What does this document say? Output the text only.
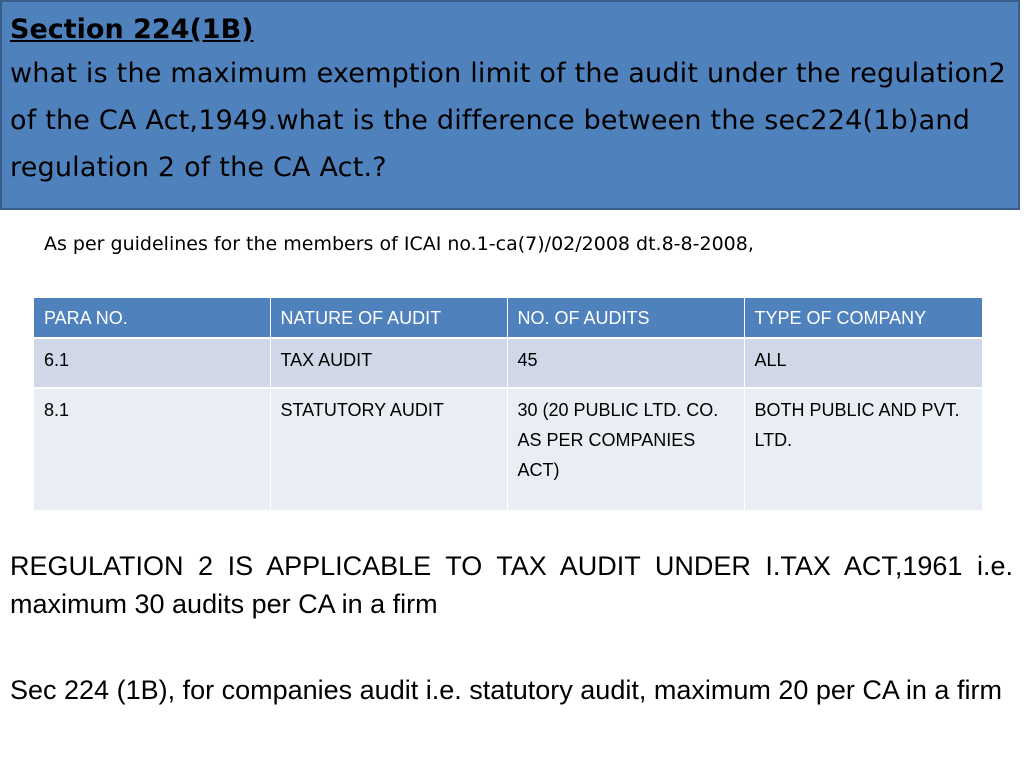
Section 224(1B)
what is the maximum exemption limit of the audit under the regulation2 of the CA Act,1949.what is the difference between the sec224(1b)and regulation 2 of the CA Act.?
As per guidelines for the members of ICAI no.1-ca(7)/02/2008 dt.8-8-2008,
PARA NO.	NATURE OF AUDIT	NO. OF AUDITS	TYPE OF COMPANY
6.1	TAX AUDIT	45	ALL
8.1	STATUTORY AUDIT	30 (20 PUBLIC LTD. CO. AS PER COMPANIES ACT)	BOTH PUBLIC AND PVT. LTD.
REGULATION 2 IS APPLICABLE TO TAX AUDIT UNDER I.TAX ACT,1961 i.e. maximum 30 audits per CA in a firm
Sec 224 (1B), for companies audit i.e. statutory audit, maximum 20 per CA in a firm
